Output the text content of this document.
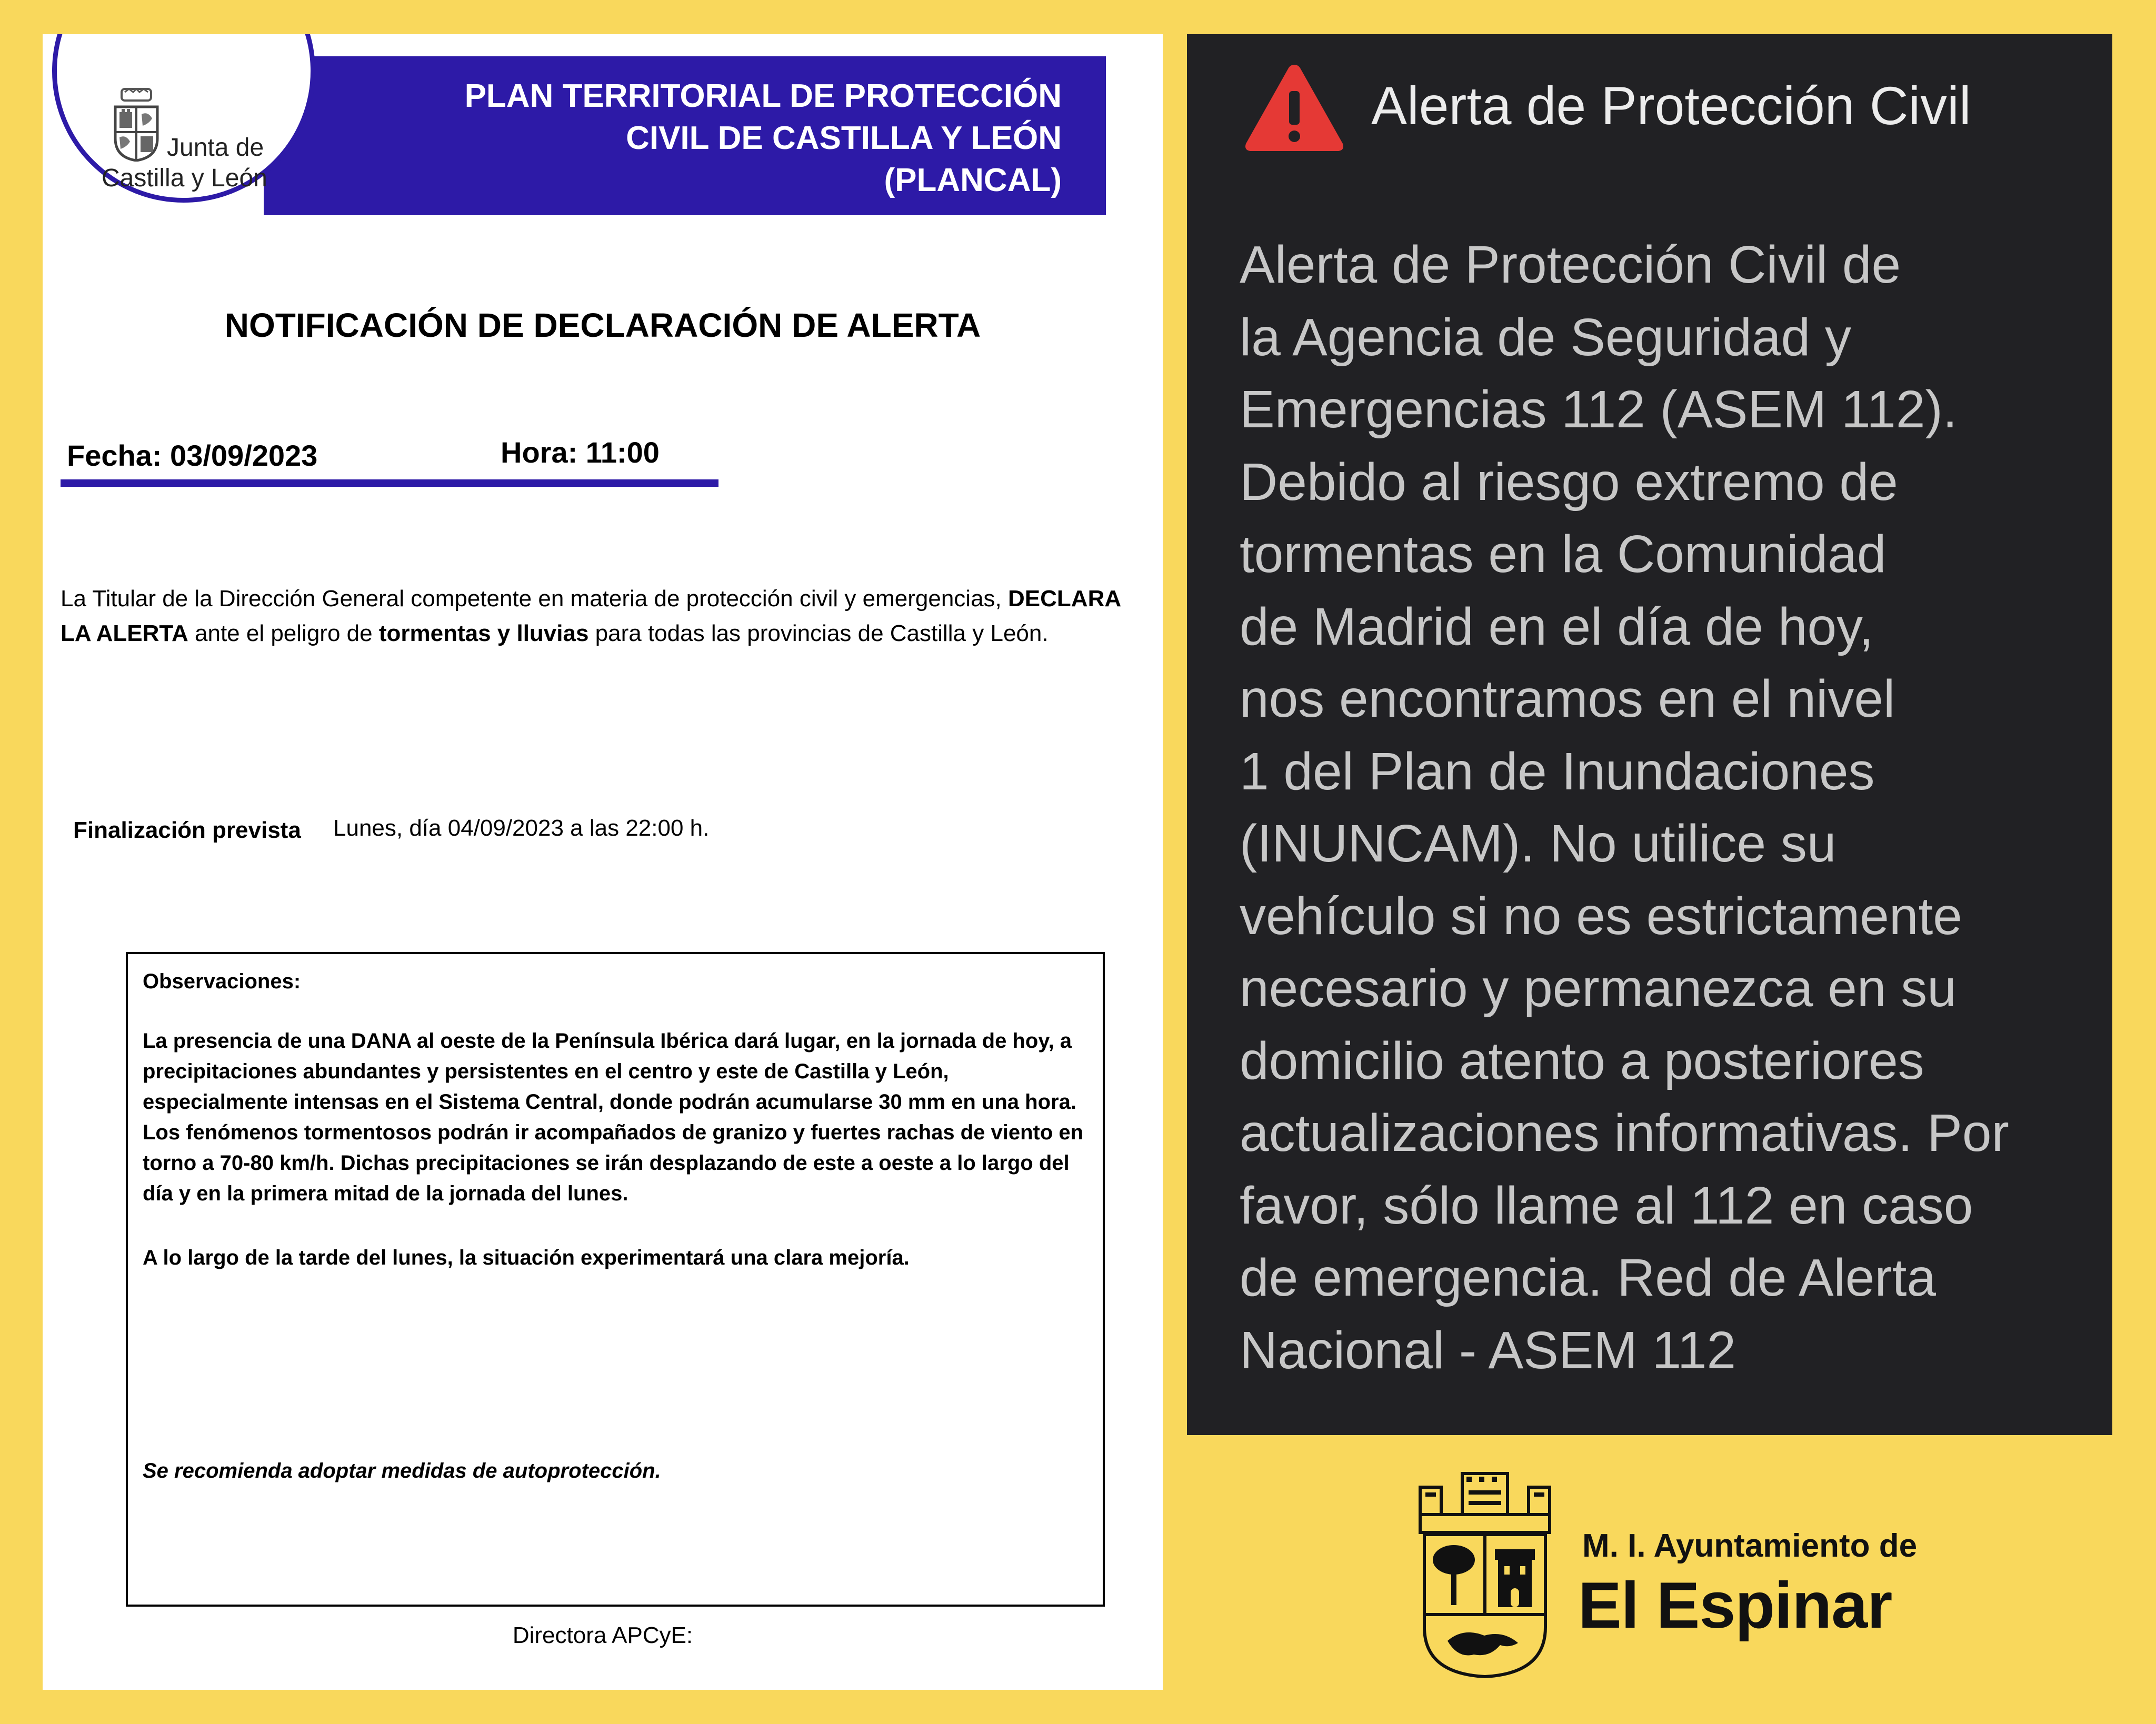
PLAN TERRITORIAL DE PROTECCIÓN
CIVIL DE CASTILLA Y LEÓN
(PLANCAL)
Junta de
Castilla y León
NOTIFICACIÓN DE DECLARACIÓN DE ALERTA
Fecha: 03/09/2023	Hora: 11:00
La Titular de la Dirección General competente en materia de protección civil y emergencias, DECLARA LA ALERTA ante el peligro de tormentas y lluvias para todas las provincias de Castilla y León.
Finalización prevista Lunes, día 04/09/2023 a las 22:00 h.
Observaciones:
La presencia de una DANA al oeste de la Península Ibérica dará lugar, en la jornada de hoy, a precipitaciones abundantes y persistentes en el centro y este de Castilla y León, especialmente intensas en el Sistema Central, donde podrán acumularse 30 mm en una hora. Los fenómenos tormentosos podrán ir acompañados de granizo y fuertes rachas de viento en torno a 70-80 km/h. Dichas precipitaciones se irán desplazando de este a oeste a lo largo del día y en la primera mitad de la jornada del lunes.
A lo largo de la tarde del lunes, la situación experimentará una clara mejoría.
Se recomienda adoptar medidas de autoprotección.
Directora APCyE:
Alerta de Protección Civil
Alerta de Protección Civil de
la Agencia de Seguridad y
Emergencias 112 (ASEM 112).
Debido al riesgo extremo de
tormentas en la Comunidad
de Madrid en el día de hoy,
nos encontramos en el nivel
1 del Plan de Inundaciones
(INUNCAM). No utilice su
vehículo si no es estrictamente
necesario y permanezca en su
domicilio atento a posteriores
actualizaciones informativas. Por
favor, sólo llame al 112 en caso
de emergencia. Red de Alerta
Nacional - ASEM 112
M. I. Ayuntamiento de
El Espinar
